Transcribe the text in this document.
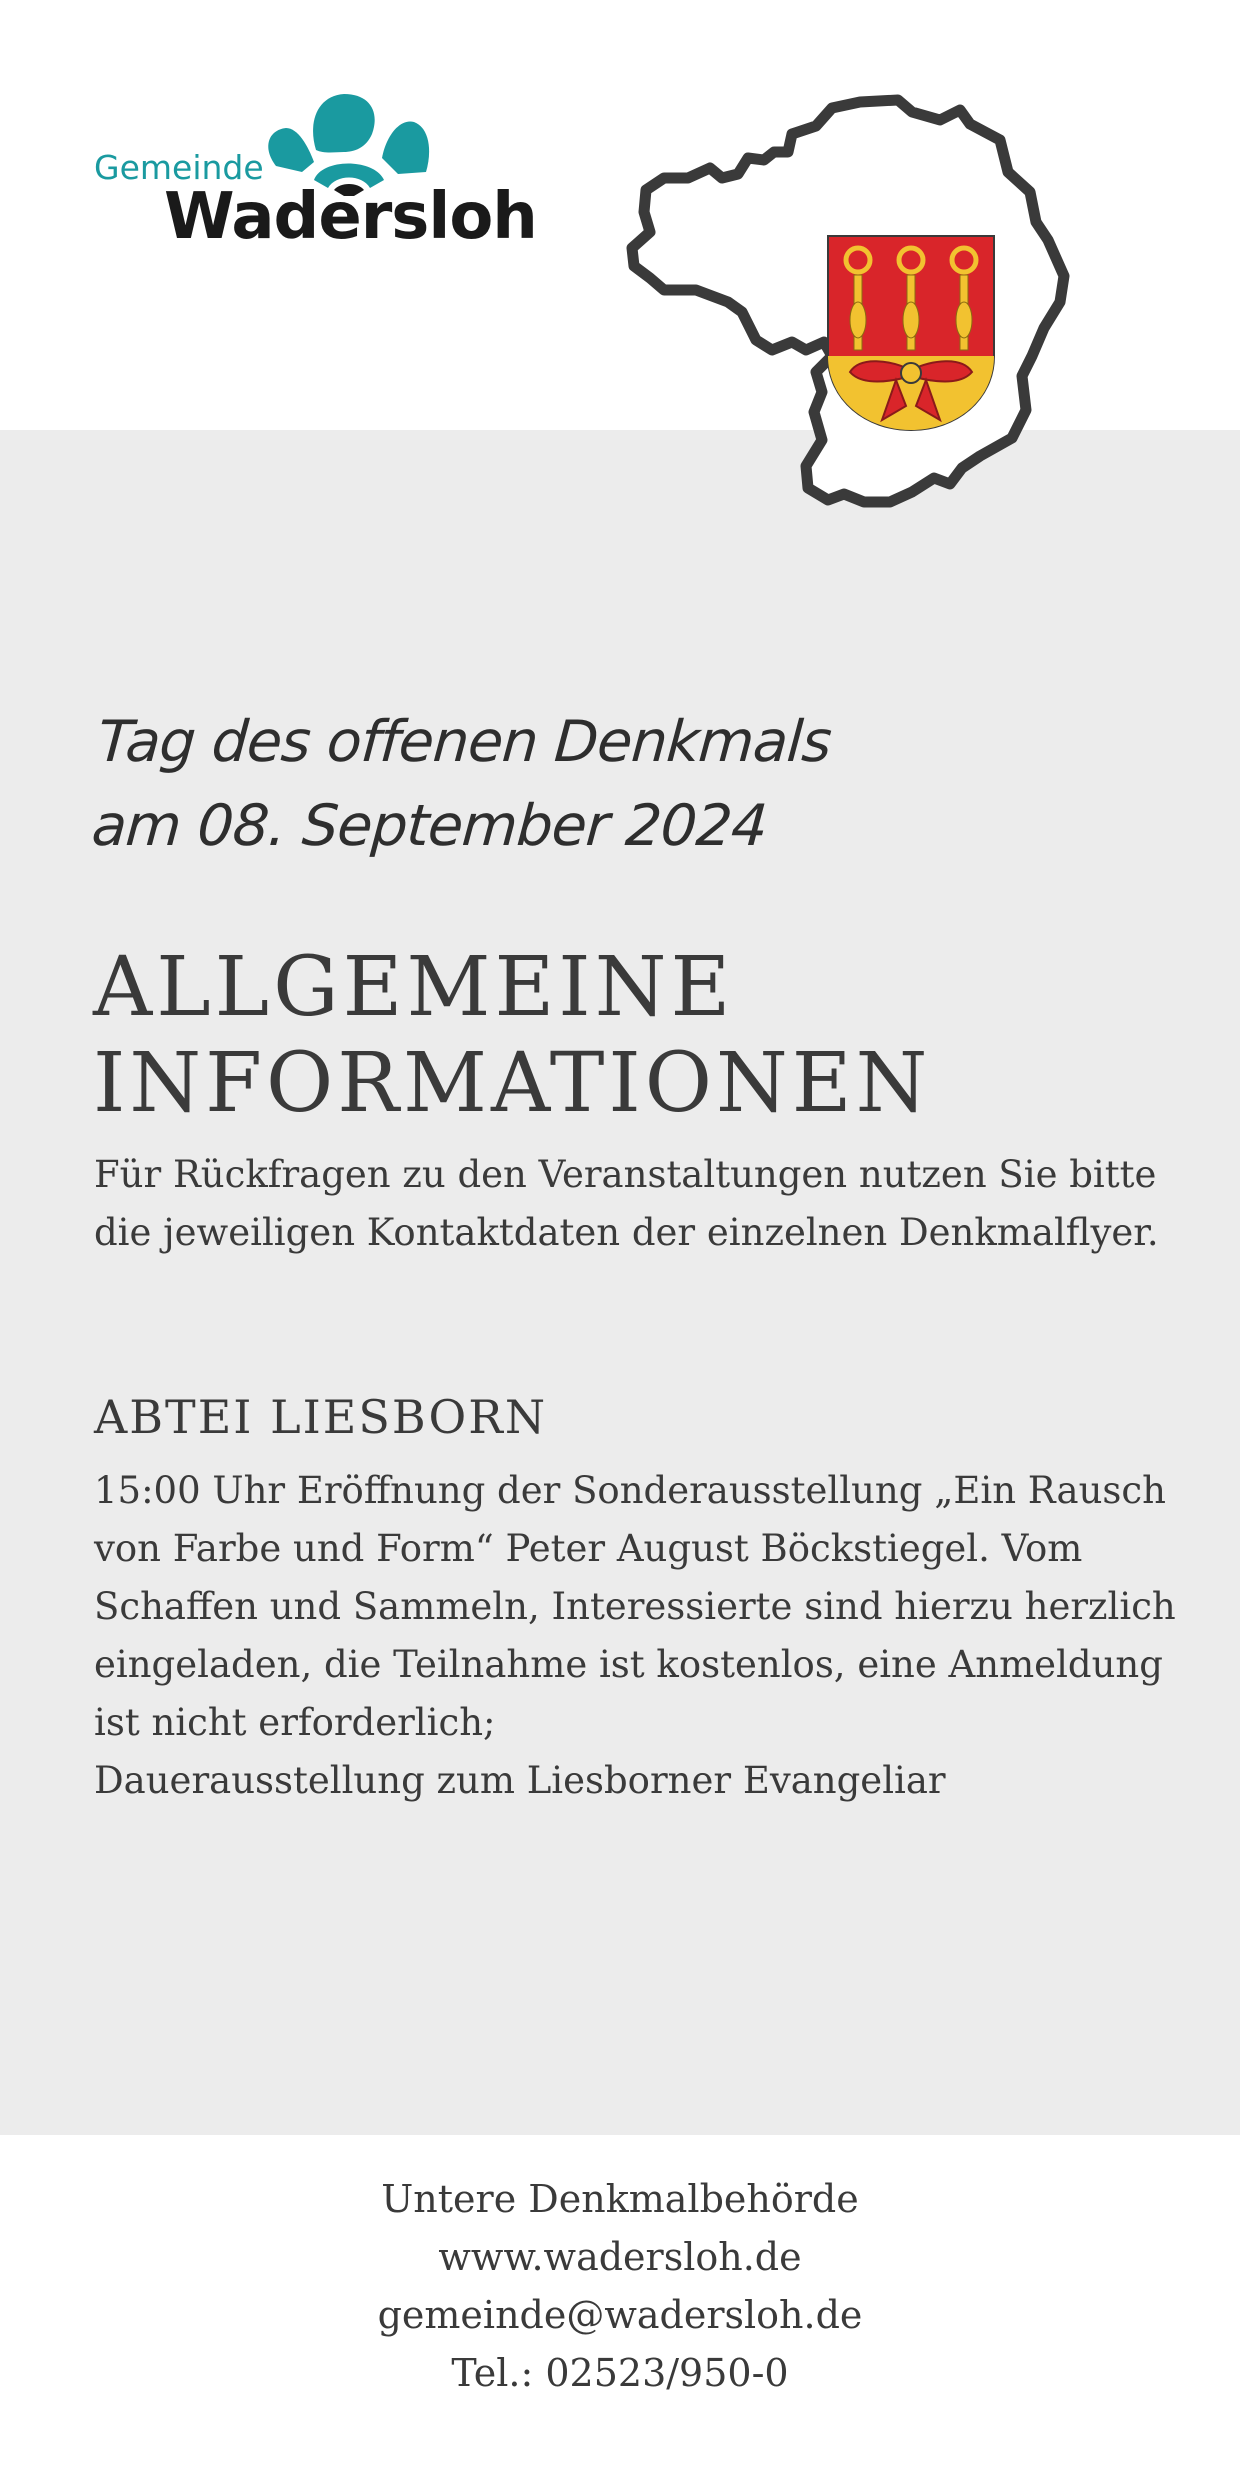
Gemeinde
Wadersloh
Tag des offenen Denkmals
am 08. September 2024
ALLGEMEINE
INFORMATIONEN
Für Rückfragen zu den Veranstaltungen nutzen Sie bitte die jeweiligen Kontaktdaten der einzelnen Denkmalflyer.
ABTEI LIESBORN

15:00 Uhr Eröffnung der Sonderausstellung „Ein Rausch von Farbe und Form“ Peter August Böckstiegel. Vom Schaffen und Sammeln, Interessierte sind hierzu herzlich eingeladen, die Teilnahme ist kostenlos, eine Anmeldung ist nicht erforderlich;

Dauerausstellung zum Liesborner Evangeliar

Untere Denkmalbehörde
www.wadersloh.de
gemeinde@wadersloh.de
Tel.: 02523/950-0
